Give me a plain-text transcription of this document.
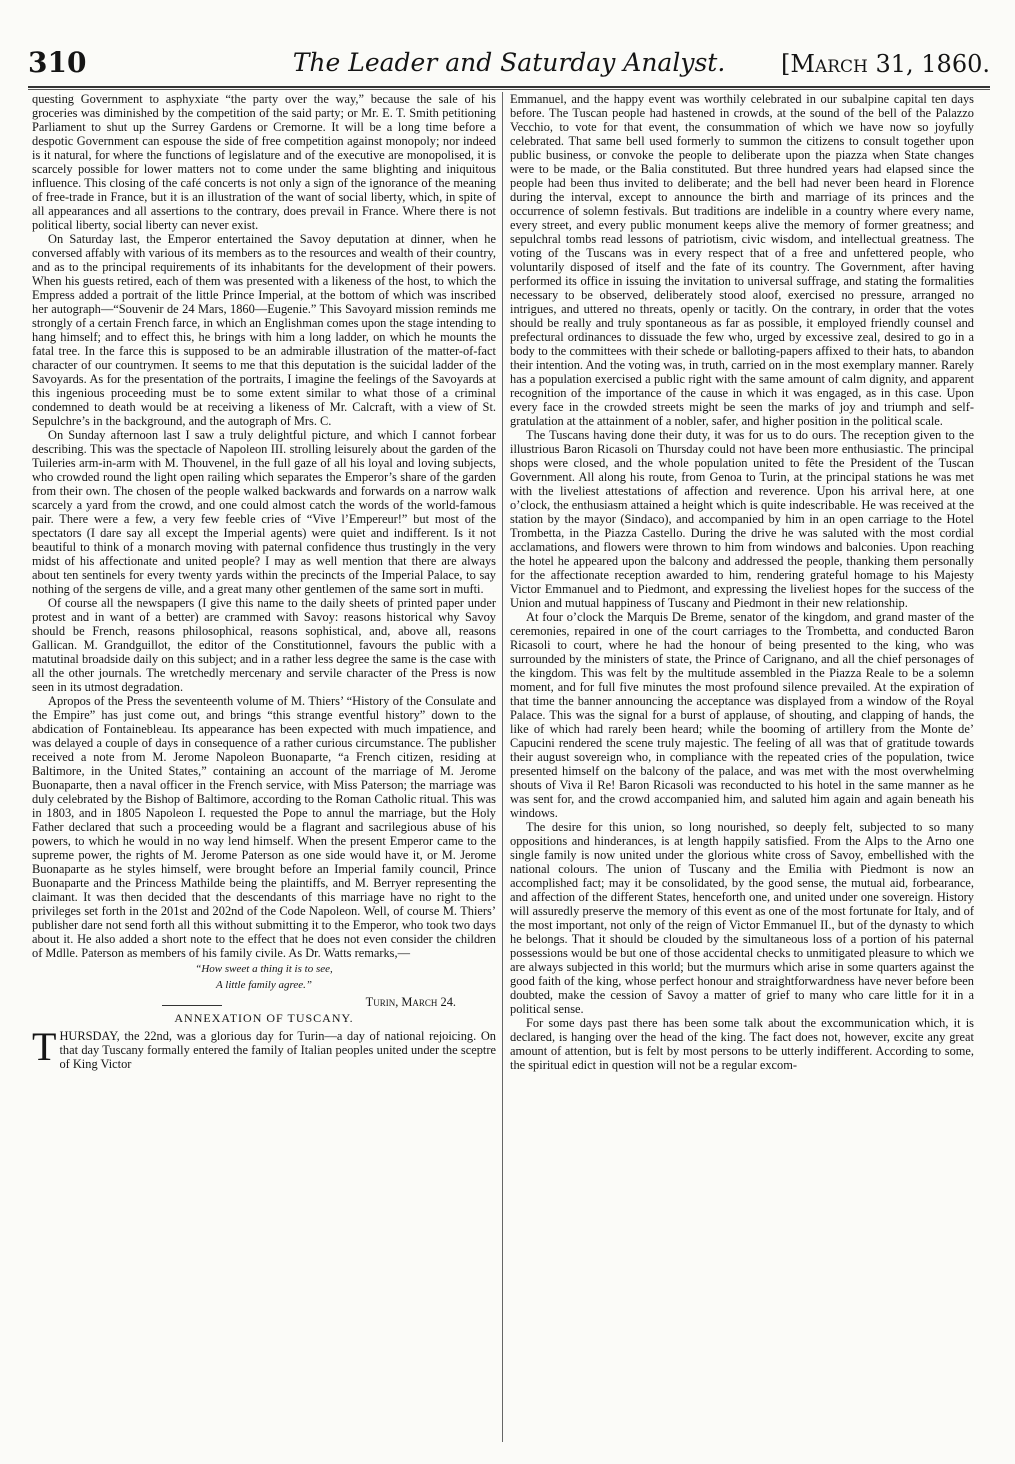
310	The Leader and Saturday Analyst.	[March 31, 1860.

questing Government to asphyxiate “the party over the way,” because the sale of his groceries was diminished by the competition of the said party; or Mr. E. T. Smith petitioning Parliament to shut up the Surrey Gardens or Cremorne. It will be a long time before a despotic Government can espouse the side of free competition against monopoly; nor indeed is it natural, for where the functions of legislature and of the executive are monopolised, it is scarcely possible for lower matters not to come under the same blighting and iniquitous influence. This closing of the café concerts is not only a sign of the ignorance of the meaning of free-trade in France, but it is an illustration of the want of social liberty, which, in spite of all appearances and all assertions to the contrary, does prevail in France. Where there is not political liberty, social liberty can never exist.

On Saturday last, the Emperor entertained the Savoy deputation at dinner, when he conversed affably with various of its members as to the resources and wealth of their country, and as to the principal requirements of its inhabitants for the development of their powers. When his guests retired, each of them was presented with a likeness of the host, to which the Empress added a portrait of the little Prince Imperial, at the bottom of which was inscribed her autograph—“Souvenir de 24 Mars, 1860—Eugenie.” This Savoyard mission reminds me strongly of a certain French farce, in which an Englishman comes upon the stage intending to hang himself; and to effect this, he brings with him a long ladder, on which he mounts the fatal tree. In the farce this is supposed to be an admirable illustration of the matter-of-fact character of our countrymen. It seems to me that this deputation is the suicidal ladder of the Savoyards. As for the presentation of the portraits, I imagine the feelings of the Savoyards at this ingenious proceeding must be to some extent similar to what those of a criminal condemned to death would be at receiving a likeness of Mr. Calcraft, with a view of St. Sepulchre’s in the background, and the autograph of Mrs. C.

On Sunday afternoon last I saw a truly delightful picture, and which I cannot forbear describing. This was the spectacle of Napoleon III. strolling leisurely about the garden of the Tuileries arm-in-arm with M. Thouvenel, in the full gaze of all his loyal and loving subjects, who crowded round the light open railing which separates the Emperor’s share of the garden from their own. The chosen of the people walked backwards and forwards on a narrow walk scarcely a yard from the crowd, and one could almost catch the words of the world-famous pair. There were a few, a very few feeble cries of “Vive l’Empereur!” but most of the spectators (I dare say all except the Imperial agents) were quiet and indifferent. Is it not beautiful to think of a monarch moving with paternal confidence thus trustingly in the very midst of his affectionate and united people? I may as well mention that there are always about ten sentinels for every twenty yards within the precincts of the Imperial Palace, to say nothing of the sergens de ville, and a great many other gentlemen of the same sort in mufti.

Of course all the newspapers (I give this name to the daily sheets of printed paper under protest and in want of a better) are crammed with Savoy: reasons historical why Savoy should be French, reasons philosophical, reasons sophistical, and, above all, reasons Gallican. M. Grandguillot, the editor of the Constitutionnel, favours the public with a matutinal broadside daily on this subject; and in a rather less degree the same is the case with all the other journals. The wretchedly mercenary and servile character of the Press is now seen in its utmost degradation.

Apropos of the Press the seventeenth volume of M. Thiers’ “History of the Consulate and the Empire” has just come out, and brings “this strange eventful history” down to the abdication of Fontainebleau. Its appearance has been expected with much impatience, and was delayed a couple of days in consequence of a rather curious circumstance. The publisher received a note from M. Jerome Napoleon Buonaparte, “a French citizen, residing at Baltimore, in the United States,” containing an account of the marriage of M. Jerome Buonaparte, then a naval officer in the French service, with Miss Paterson; the marriage was duly celebrated by the Bishop of Baltimore, according to the Roman Catholic ritual. This was in 1803, and in 1805 Napoleon I. requested the Pope to annul the marriage, but the Holy Father declared that such a proceeding would be a flagrant and sacrilegious abuse of his powers, to which he would in no way lend himself. When the present Emperor came to the supreme power, the rights of M. Jerome Paterson as one side would have it, or M. Jerome Buonaparte as he styles himself, were brought before an Imperial family council, Prince Buonaparte and the Princess Mathilde being the plaintiffs, and M. Berryer representing the claimant. It was then decided that the descendants of this marriage have no right to the privileges set forth in the 201st and 202nd of the Code Napoleon. Well, of course M. Thiers’ publisher dare not send forth all this without submitting it to the Emperor, who took two days about it. He also added a short note to the effect that he does not even consider the children of Mdlle. Paterson as members of his family civile. As Dr. Watts remarks,—

“How sweet a thing it is to see,
A little family agree.”
Turin, March 24.
ANNEXATION OF TUSCANY.

THURSDAY, the 22nd, was a glorious day for Turin—a day of national rejoicing. On that day Tuscany formally entered the family of Italian peoples united under the sceptre of King Victor

Emmanuel, and the happy event was worthily celebrated in our subalpine capital ten days before. The Tuscan people had hastened in crowds, at the sound of the bell of the Palazzo Vecchio, to vote for that event, the consummation of which we have now so joyfully celebrated. That same bell used formerly to summon the citizens to consult together upon public business, or convoke the people to deliberate upon the piazza when State changes were to be made, or the Balia constituted. But three hundred years had elapsed since the people had been thus invited to deliberate; and the bell had never been heard in Florence during the interval, except to announce the birth and marriage of its princes and the occurrence of solemn festivals. But traditions are indelible in a country where every name, every street, and every public monument keeps alive the memory of former greatness; and sepulchral tombs read lessons of patriotism, civic wisdom, and intellectual greatness. The voting of the Tuscans was in every respect that of a free and unfettered people, who voluntarily disposed of itself and the fate of its country. The Government, after having performed its office in issuing the invitation to universal suffrage, and stating the formalities necessary to be observed, deliberately stood aloof, exercised no pressure, arranged no intrigues, and uttered no threats, openly or tacitly. On the contrary, in order that the votes should be really and truly spontaneous as far as possible, it employed friendly counsel and prefectural ordinances to dissuade the few who, urged by excessive zeal, desired to go in a body to the committees with their schede or balloting-papers affixed to their hats, to abandon their intention. And the voting was, in truth, carried on in the most exemplary manner. Rarely has a population exercised a public right with the same amount of calm dignity, and apparent recognition of the importance of the cause in which it was engaged, as in this case. Upon every face in the crowded streets might be seen the marks of joy and triumph and self-gratulation at the attainment of a nobler, safer, and higher position in the political scale.

The Tuscans having done their duty, it was for us to do ours. The reception given to the illustrious Baron Ricasoli on Thursday could not have been more enthusiastic. The principal shops were closed, and the whole population united to fête the President of the Tuscan Government. All along his route, from Genoa to Turin, at the principal stations he was met with the liveliest attestations of affection and reverence. Upon his arrival here, at one o’clock, the enthusiasm attained a height which is quite indescribable. He was received at the station by the mayor (Sindaco), and accompanied by him in an open carriage to the Hotel Trombetta, in the Piazza Castello. During the drive he was saluted with the most cordial acclamations, and flowers were thrown to him from windows and balconies. Upon reaching the hotel he appeared upon the balcony and addressed the people, thanking them personally for the affectionate reception awarded to him, rendering grateful homage to his Majesty Victor Emmanuel and to Piedmont, and expressing the liveliest hopes for the success of the Union and mutual happiness of Tuscany and Piedmont in their new relationship.

At four o’clock the Marquis De Breme, senator of the kingdom, and grand master of the ceremonies, repaired in one of the court carriages to the Trombetta, and conducted Baron Ricasoli to court, where he had the honour of being presented to the king, who was surrounded by the ministers of state, the Prince of Carignano, and all the chief personages of the kingdom. This was felt by the multitude assembled in the Piazza Reale to be a solemn moment, and for full five minutes the most profound silence prevailed. At the expiration of that time the banner announcing the acceptance was displayed from a window of the Royal Palace. This was the signal for a burst of applause, of shouting, and clapping of hands, the like of which had rarely been heard; while the booming of artillery from the Monte de’ Capucini rendered the scene truly majestic. The feeling of all was that of gratitude towards their august sovereign who, in compliance with the repeated cries of the population, twice presented himself on the balcony of the palace, and was met with the most overwhelming shouts of Viva il Re! Baron Ricasoli was reconducted to his hotel in the same manner as he was sent for, and the crowd accompanied him, and saluted him again and again beneath his windows.

The desire for this union, so long nourished, so deeply felt, subjected to so many oppositions and hinderances, is at length happily satisfied. From the Alps to the Arno one single family is now united under the glorious white cross of Savoy, embellished with the national colours. The union of Tuscany and the Emilia with Piedmont is now an accomplished fact; may it be consolidated, by the good sense, the mutual aid, forbearance, and affection of the different States, henceforth one, and united under one sovereign. History will assuredly preserve the memory of this event as one of the most fortunate for Italy, and of the most important, not only of the reign of Victor Emmanuel II., but of the dynasty to which he belongs. That it should be clouded by the simultaneous loss of a portion of his paternal possessions would be but one of those accidental checks to unmitigated pleasure to which we are always subjected in this world; but the murmurs which arise in some quarters against the good faith of the king, whose perfect honour and straightforwardness have never before been doubted, make the cession of Savoy a matter of grief to many who care little for it in a political sense.

For some days past there has been some talk about the excommunication which, it is declared, is hanging over the head of the king. The fact does not, however, excite any great amount of attention, but is felt by most persons to be utterly indifferent. According to some, the spiritual edict in question will not be a regular excom-
